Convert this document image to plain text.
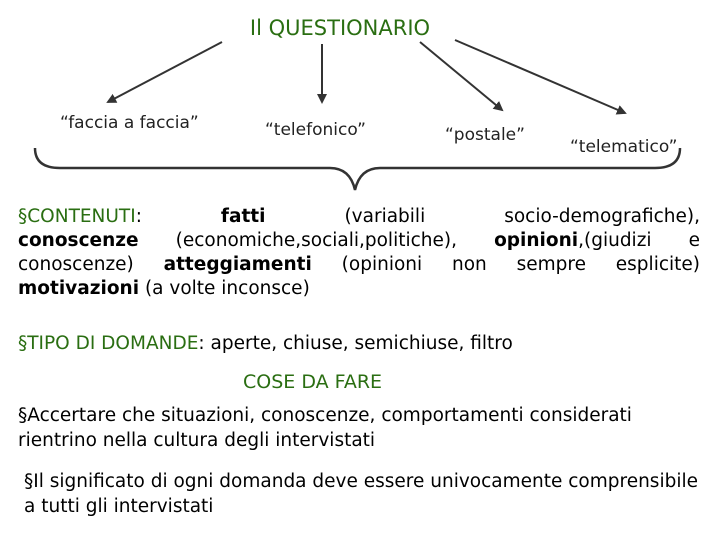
Il QUESTIONARIO
“faccia a faccia”	“telefonico”	“postale”
“telematico”
§CONTENUTI:	fatti	(variabili socio-demografiche),
conoscenze (economiche,sociali,politiche), opinioni,(giudizi e
conoscenze) atteggiamenti (opinioni non sempre esplicite)
motivazioni (a volte inconsce)
§TIPO DI DOMANDE: aperte, chiuse, semichiuse, filtro
COSE DA FARE
§Accertare che situazioni, conoscenze, comportamenti considerati rientrino nella cultura degli intervistati
§Il significato di ogni domanda deve essere univocamente comprensibile a tutti gli intervistati
